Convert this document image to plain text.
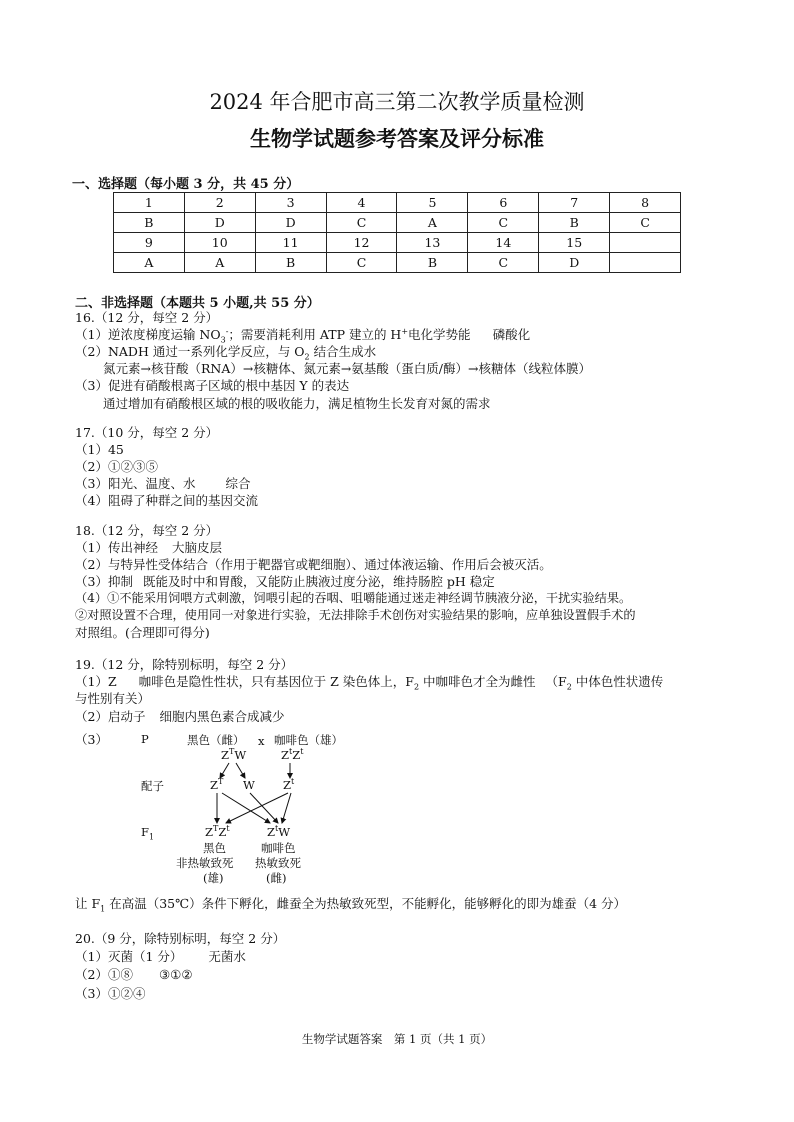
2024 年合肥市高三第二次教学质量检测
生物学试题参考答案及评分标准
一、选择题（每小题 3 分，共 45 分）
1	2	3	4	5	6	7	8
B	D	D	C	A	C	B	C
9	10	11	12	13	14	15	
A	A	B	C	B	C	D	
二、非选择题（本题共 5 小题,共 55 分）
16.（12 分，每空 2 分）
（1）逆浓度梯度运输 $NO_3^-$；需要消耗利用 ATP 建立的 H+电化学势能 磷酸化
（2）NADH 通过一系列化学反应，与 $O_2$ 结合生成水
氮元素→核苷酸（RNA）→核糖体、氮元素→氨基酸（蛋白质/酶）→核糖体（线粒体膜）
（3）促进有硝酸根离子区域的根中基因 Y 的表达
通过增加有硝酸根区域的根的吸收能力，满足植物生长发育对氮的需求
17.（10 分，每空 2 分）
（1）45
（2）①②③⑤
（3）阳光、温度、水 综合
（4）阻碍了种群之间的基因交流
18.（12 分，每空 2 分）
（1）传出神经 大脑皮层
（2）与特异性受体结合（作用于靶器官或靶细胞）、通过体液运输、作用后会被灭活。
（3）抑制 既能及时中和胃酸，又能防止胰液过度分泌，维持肠腔 pH 稳定
（4）①不能采用饲喂方式刺激，饲喂引起的吞咽、咀嚼能通过迷走神经调节胰液分泌，干扰实验结果。
②对照设置不合理，使用同一对象进行实验，无法排除手术创伤对实验结果的影响，应单独设置假手术的
对照组。(合理即可得分)
19.（12 分，除特别标明，每空 2 分）
（1）Z 咖啡色是隐性性状，只有基因位于 Z 染色体上，$F_2$ 中咖啡色才全为雌性 （$F_2$ 中体色性状遗传
与性别有关）
（2）启动子 细胞内黑色素合成减少
（3）	P	黑色（雌） x 咖啡色（雄）
$Z^TW$	$Z^tZ^t$
配子	$Z^T$ W $Z^t$
$F_1$	$Z^TZ^t$	$Z^tW$
黑色
非热敏致死
(雄)
咖啡色
热敏致死
(雌)
让 $F_1$ 在高温（35℃）条件下孵化，雌蚕全为热敏致死型，不能孵化，能够孵化的即为雄蚕（4 分）
20.（9 分，除特别标明，每空 2 分）
（1）灭菌（1 分） 无菌水
（2）①⑧ ③①②
（3）①②④
生物学试题答案　第 1 页（共 1 页）
